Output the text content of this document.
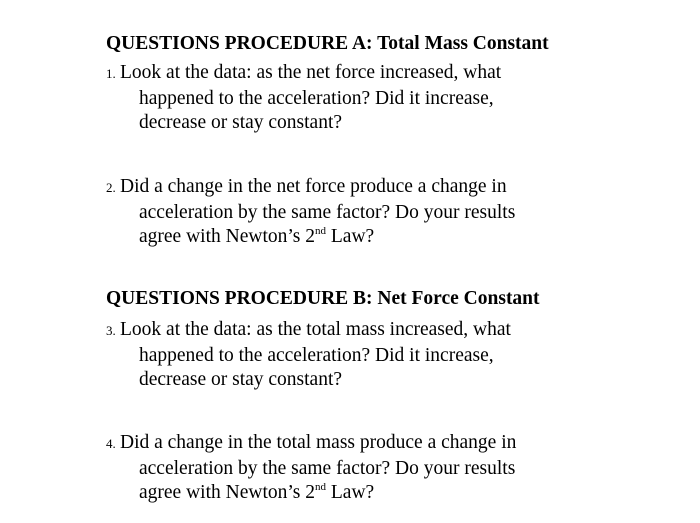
QUESTIONS PROCEDURE A: Total Mass Constant
1. Look at the data: as the net force increased, what
happened to the acceleration? Did it increase,
decrease or stay constant?
2. Did a change in the net force produce a change in
acceleration by the same factor? Do your results
agree with Newton’s 2nd Law?
QUESTIONS PROCEDURE B: Net Force Constant
3. Look at the data: as the total mass increased, what
happened to the acceleration? Did it increase,
decrease or stay constant?
4. Did a change in the total mass produce a change in
acceleration by the same factor? Do your results
agree with Newton’s 2nd Law?
